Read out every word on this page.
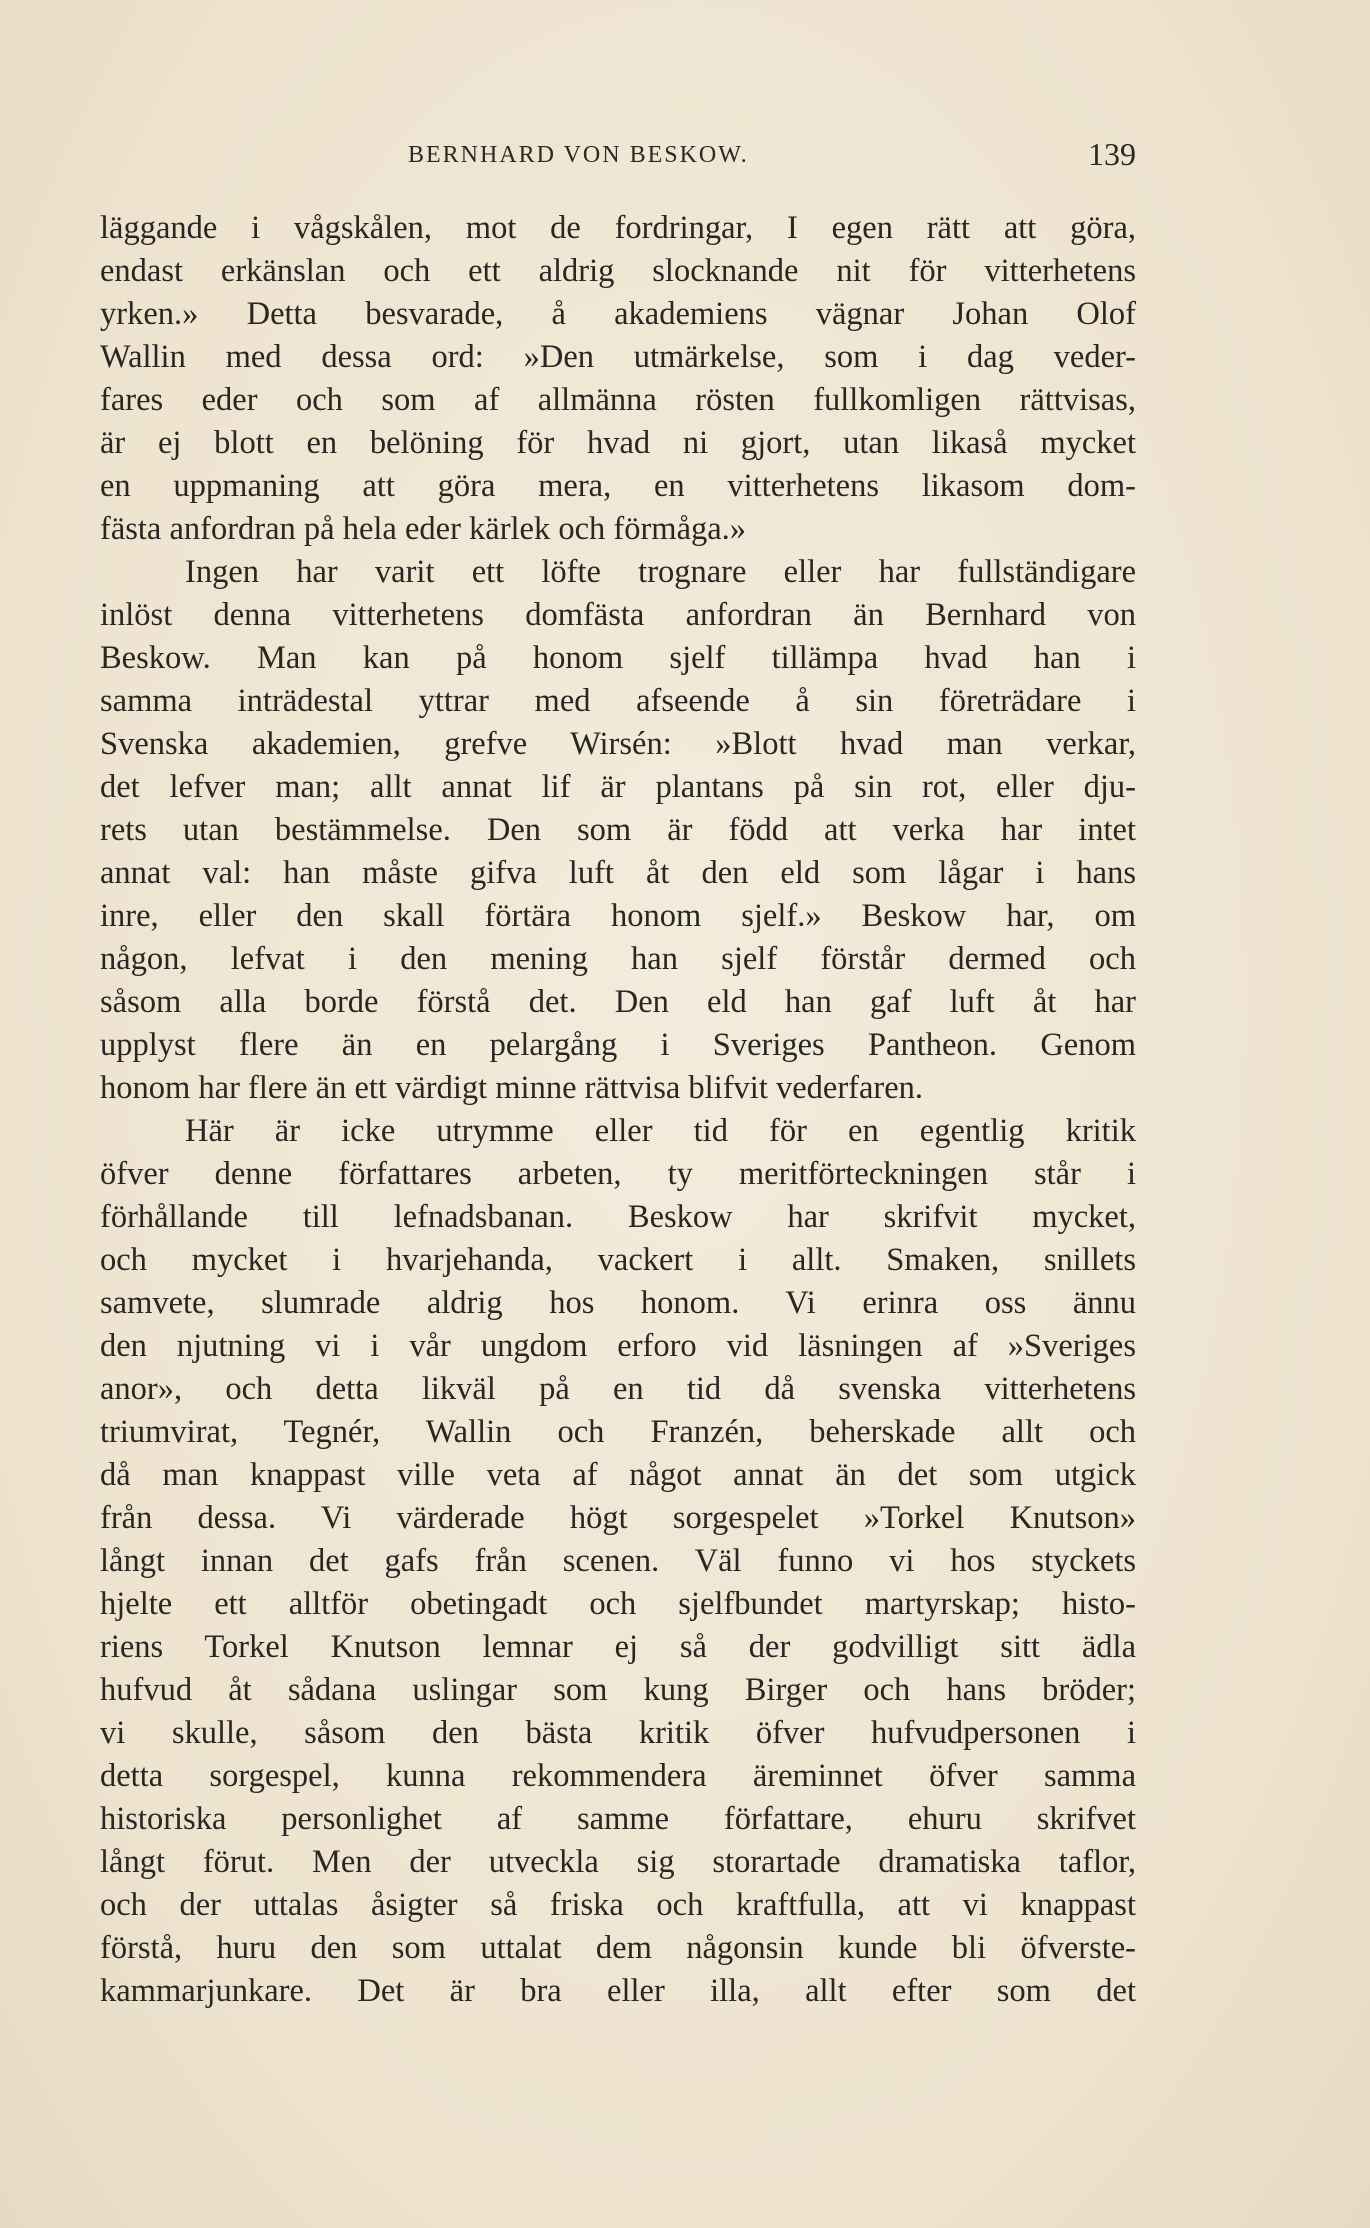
BERNHARD VON BESKOW.	139
läggande i vågskålen, mot de fordringar, I egen rätt att göra,
endast erkänslan och ett aldrig slocknande nit för vitterhetens
yrken.» Detta besvarade, å akademiens vägnar Johan Olof
Wallin med dessa ord: »Den utmärkelse, som i dag veder-
fares eder och som af allmänna rösten fullkomligen rättvisas,
är ej blott en belöning för hvad ni gjort, utan likaså mycket
en uppmaning att göra mera, en vitterhetens likasom dom-
fästa anfordran på hela eder kärlek och förmåga.»
Ingen har varit ett löfte trognare eller har fullständigare
inlöst denna vitterhetens domfästa anfordran än Bernhard von
Beskow. Man kan på honom sjelf tillämpa hvad han i
samma inträdestal yttrar med afseende å sin företrädare i
Svenska akademien, grefve Wirsén: »Blott hvad man verkar,
det lefver man; allt annat lif är plantans på sin rot, eller dju-
rets utan bestämmelse. Den som är född att verka har intet
annat val: han måste gifva luft åt den eld som lågar i hans
inre, eller den skall förtära honom sjelf.» Beskow har, om
någon, lefvat i den mening han sjelf förstår dermed och
såsom alla borde förstå det. Den eld han gaf luft åt har
upplyst flere än en pelargång i Sveriges Pantheon. Genom
honom har flere än ett värdigt minne rättvisa blifvit vederfaren.
Här är icke utrymme eller tid för en egentlig kritik
öfver denne författares arbeten, ty meritförteckningen står i
förhållande till lefnadsbanan. Beskow har skrifvit mycket,
och mycket i hvarjehanda, vackert i allt. Smaken, snillets
samvete, slumrade aldrig hos honom. Vi erinra oss ännu
den njutning vi i vår ungdom erforo vid läsningen af »Sveriges
anor», och detta likväl på en tid då svenska vitterhetens
triumvirat, Tegnér, Wallin och Franzén, beherskade allt och
då man knappast ville veta af något annat än det som utgick
från dessa. Vi värderade högt sorgespelet »Torkel Knutson»
långt innan det gafs från scenen. Väl funno vi hos styckets
hjelte ett alltför obetingadt och sjelfbundet martyrskap; histo-
riens Torkel Knutson lemnar ej så der godvilligt sitt ädla
hufvud åt sådana uslingar som kung Birger och hans bröder;
vi skulle, såsom den bästa kritik öfver hufvudpersonen i
detta sorgespel, kunna rekommendera äreminnet öfver samma
historiska personlighet af samme författare, ehuru skrifvet
långt förut. Men der utveckla sig storartade dramatiska taflor,
och der uttalas åsigter så friska och kraftfulla, att vi knappast
förstå, huru den som uttalat dem någonsin kunde bli öfverste-
kammarjunkare. Det är bra eller illa, allt efter som det
